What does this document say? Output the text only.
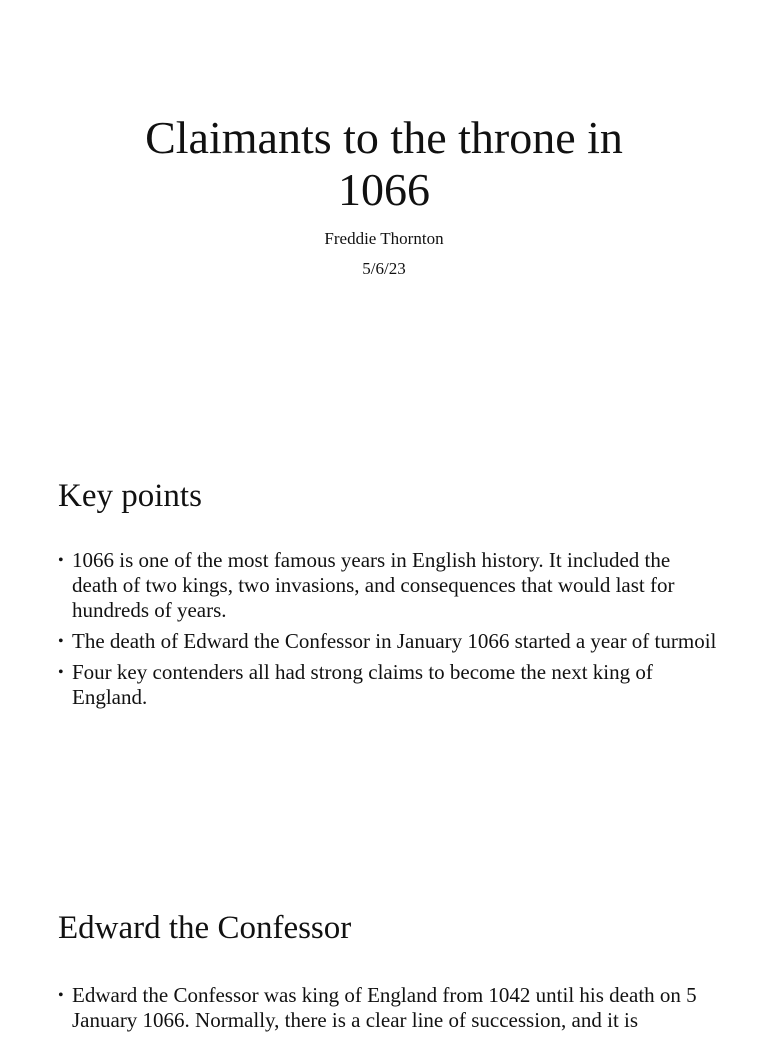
Claimants to the throne in 1066

Freddie Thornton

5/6/23

Key points
• 1066 is one of the most famous years in English history. It included the death of two kings, two invasions, and consequences that would last for hundreds of years.
• The death of Edward the Confessor in January 1066 started a year of turmoil
• Four key contenders all had strong claims to become the next king of England.
Edward the Confessor
• Edward the Confessor was king of England from 1042 until his death on 5 January 1066. Normally, there is a clear line of succession, and it is
